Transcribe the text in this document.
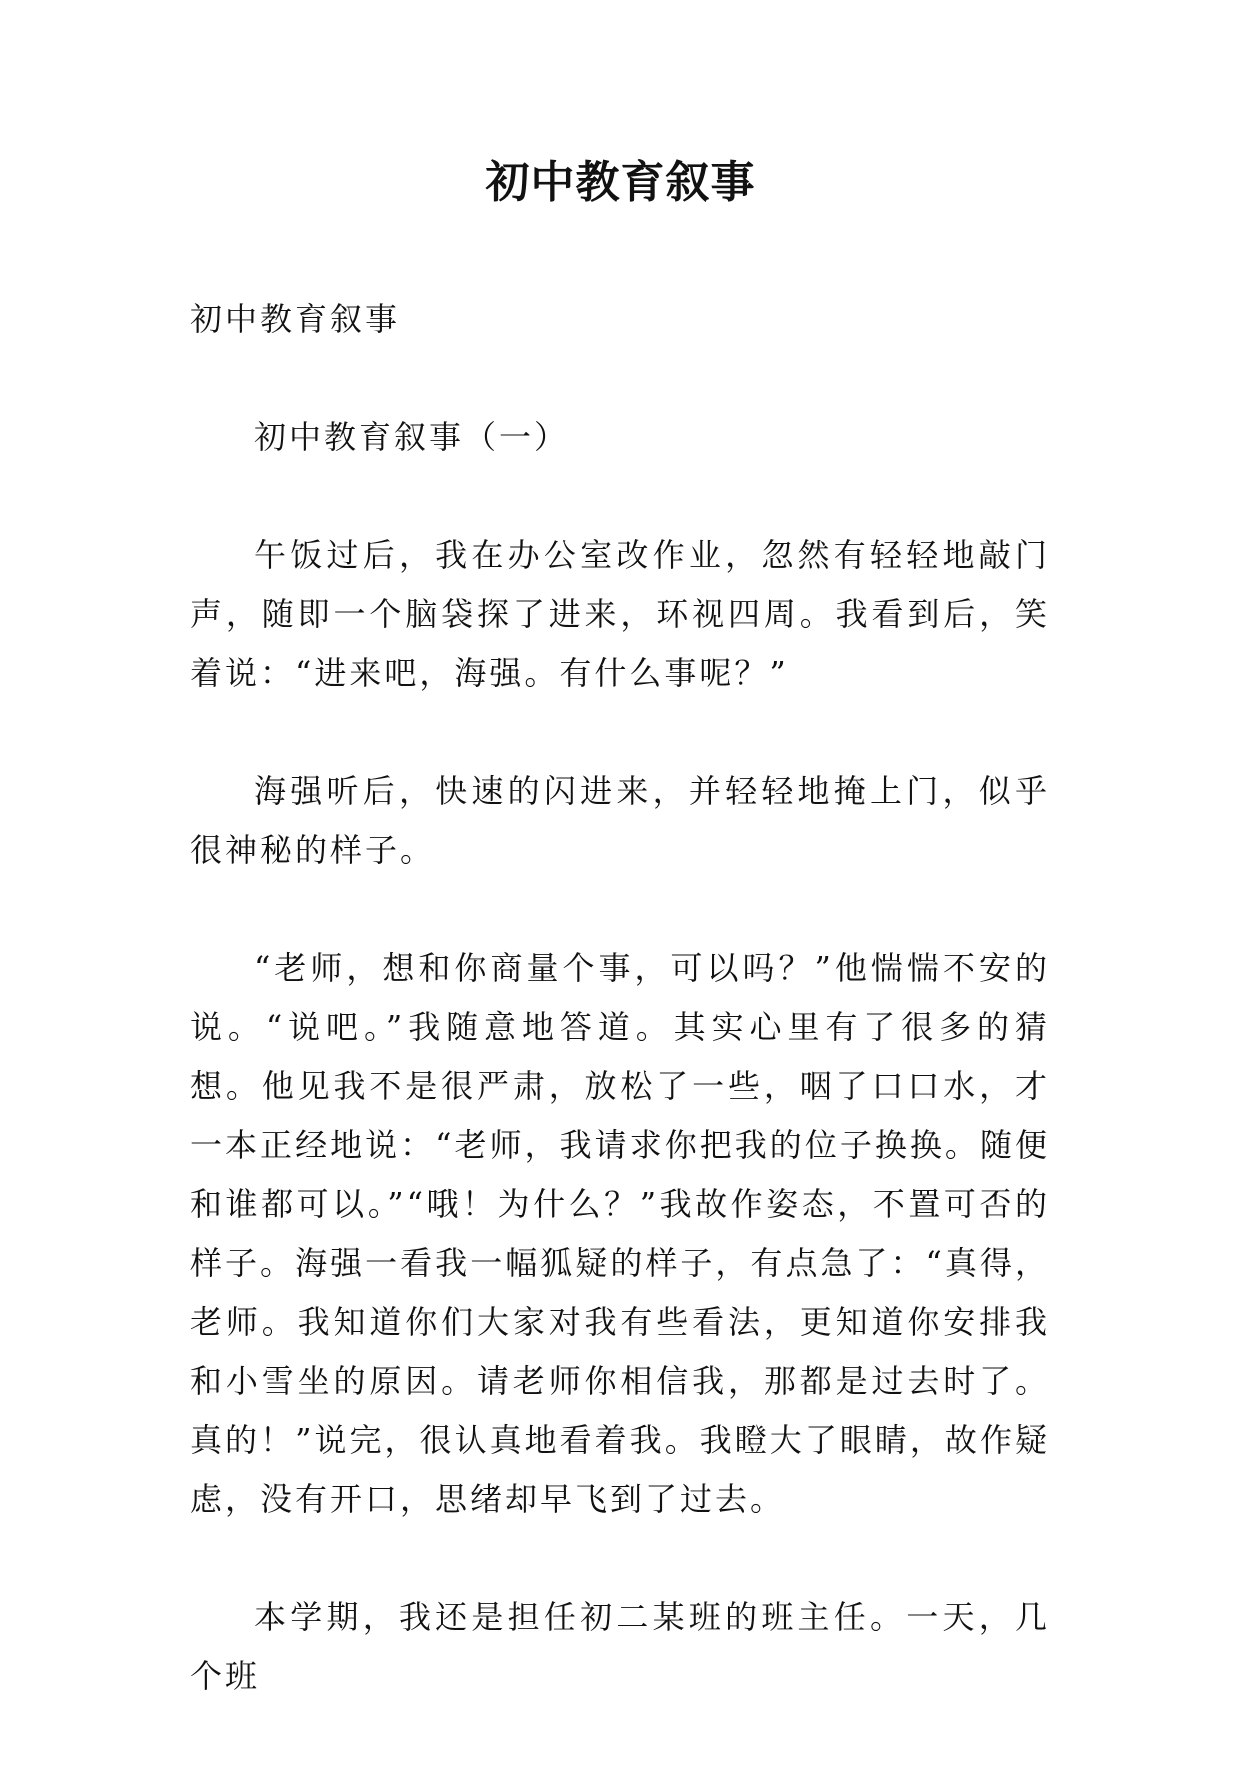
初中教育叙事

初中教育叙事

初中教育叙事（一）

午饭过后，我在办公室改作业，忽然有轻轻地敲门声，随即一个脑袋探了进来，环视四周。我看到后，笑着说：“进来吧，海强。有什么事呢？”

海强听后，快速的闪进来，并轻轻地掩上门，似乎很神秘的样子。

“老师，想和你商量个事，可以吗？”他惴惴不安的说。“说吧。”我随意地答道。其实心里有了很多的猜想。他见我不是很严肃，放松了一些，咽了口口水，才一本正经地说：“老师，我请求你把我的位子换换。随便和谁都可以。”“哦！为什么？”我故作姿态，不置可否的样子。海强一看我一幅狐疑的样子，有点急了：“真得，老师。我知道你们大家对我有些看法，更知道你安排我和小雪坐的原因。请老师你相信我，那都是过去时了。真的！”说完，很认真地看着我。我瞪大了眼睛，故作疑虑，没有开口，思绪却早飞到了过去。

本学期，我还是担任初二某班的班主任。一天，几个班
